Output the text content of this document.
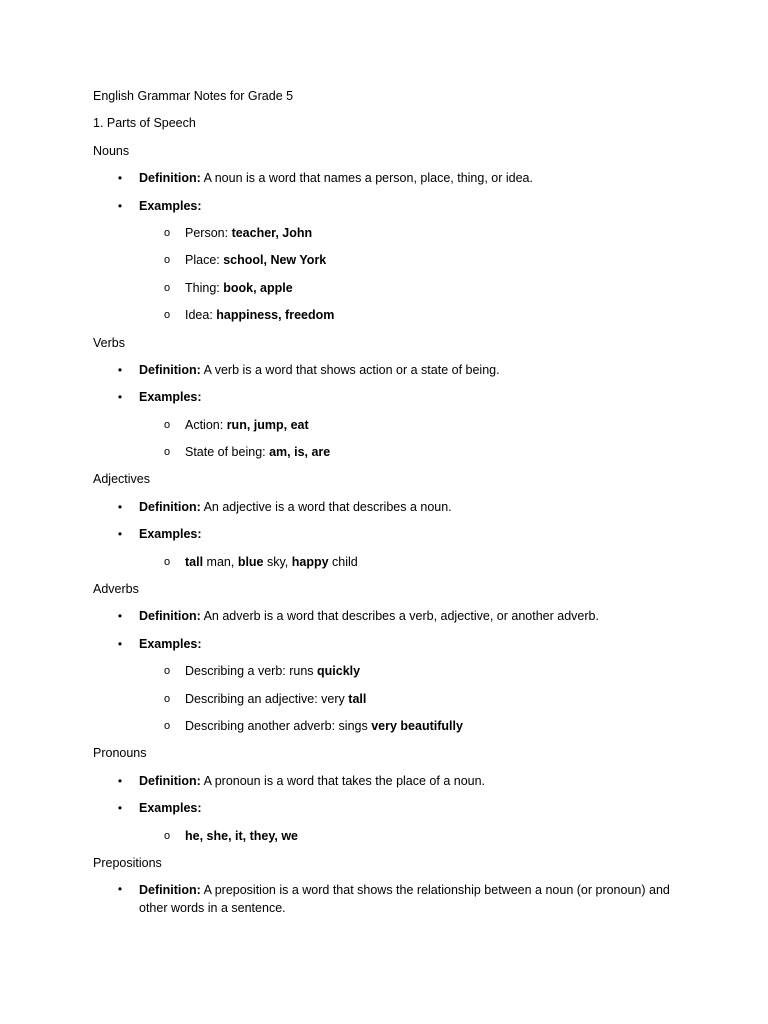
English Grammar Notes for Grade 5
1. Parts of Speech
Nouns
• Definition: A noun is a word that names a person, place, thing, or idea.
• Examples:
o Person: teacher, John
o Place: school, New York
o Thing: book, apple
o Idea: happiness, freedom
Verbs
• Definition: A verb is a word that shows action or a state of being.
• Examples:
o Action: run, jump, eat
o State of being: am, is, are
Adjectives
• Definition: An adjective is a word that describes a noun.
• Examples:
o tall man, blue sky, happy child
Adverbs
• Definition: An adverb is a word that describes a verb, adjective, or another adverb.
• Examples:
o Describing a verb: runs quickly
o Describing an adjective: very tall
o Describing another adverb: sings very beautifully
Pronouns
• Definition: A pronoun is a word that takes the place of a noun.
• Examples:
o he, she, it, they, we
Prepositions
• Definition: A preposition is a word that shows the relationship between a noun (or pronoun) and other words in a sentence.
